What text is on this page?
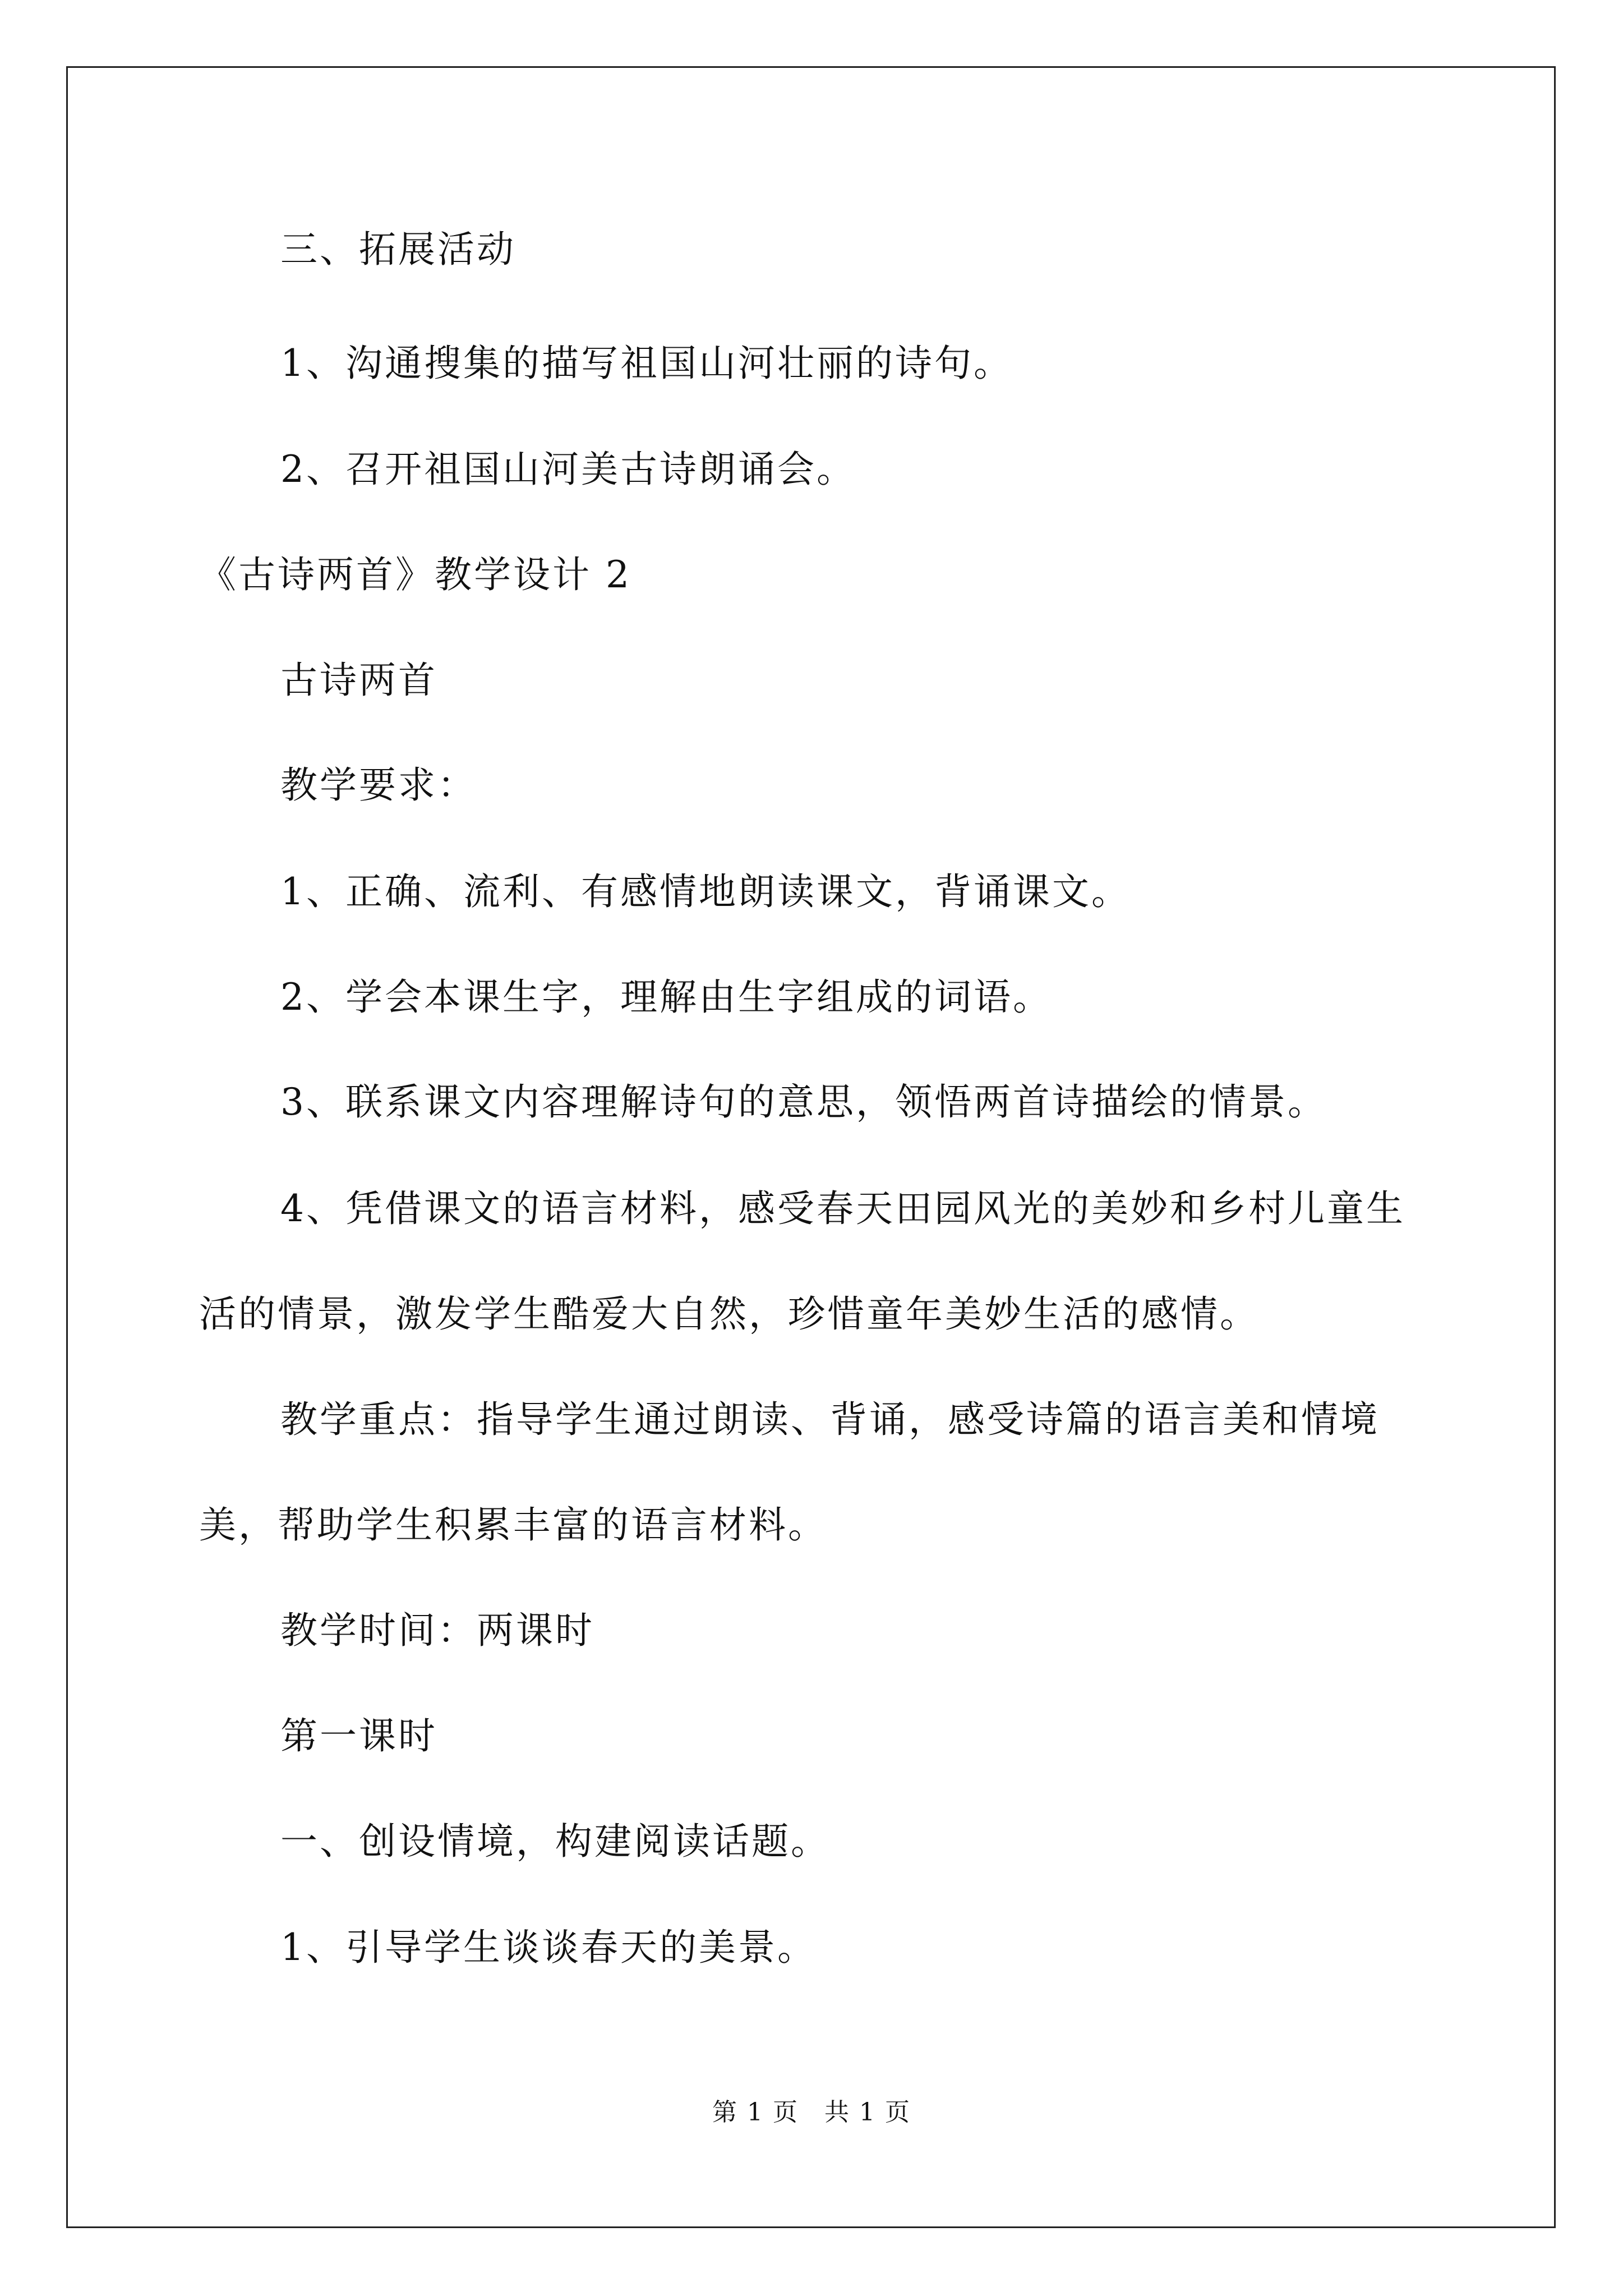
三、拓展活动
1、沟通搜集的描写祖国山河壮丽的诗句。
2、召开祖国山河美古诗朗诵会。
《古诗两首》教学设计 2
古诗两首
教学要求：
1、正确、流利、有感情地朗读课文，背诵课文。
2、学会本课生字，理解由生字组成的词语。
3、联系课文内容理解诗句的意思，领悟两首诗描绘的情景。
4、凭借课文的语言材料，感受春天田园风光的美妙和乡村儿童生
活的情景，激发学生酷爱大自然，珍惜童年美妙生活的感情。
教学重点：指导学生通过朗读、背诵，感受诗篇的语言美和情境
美，帮助学生积累丰富的语言材料。
教学时间：两课时
第一课时
一、创设情境，构建阅读话题。
1、引导学生谈谈春天的美景。
第 1 页　共 1 页
